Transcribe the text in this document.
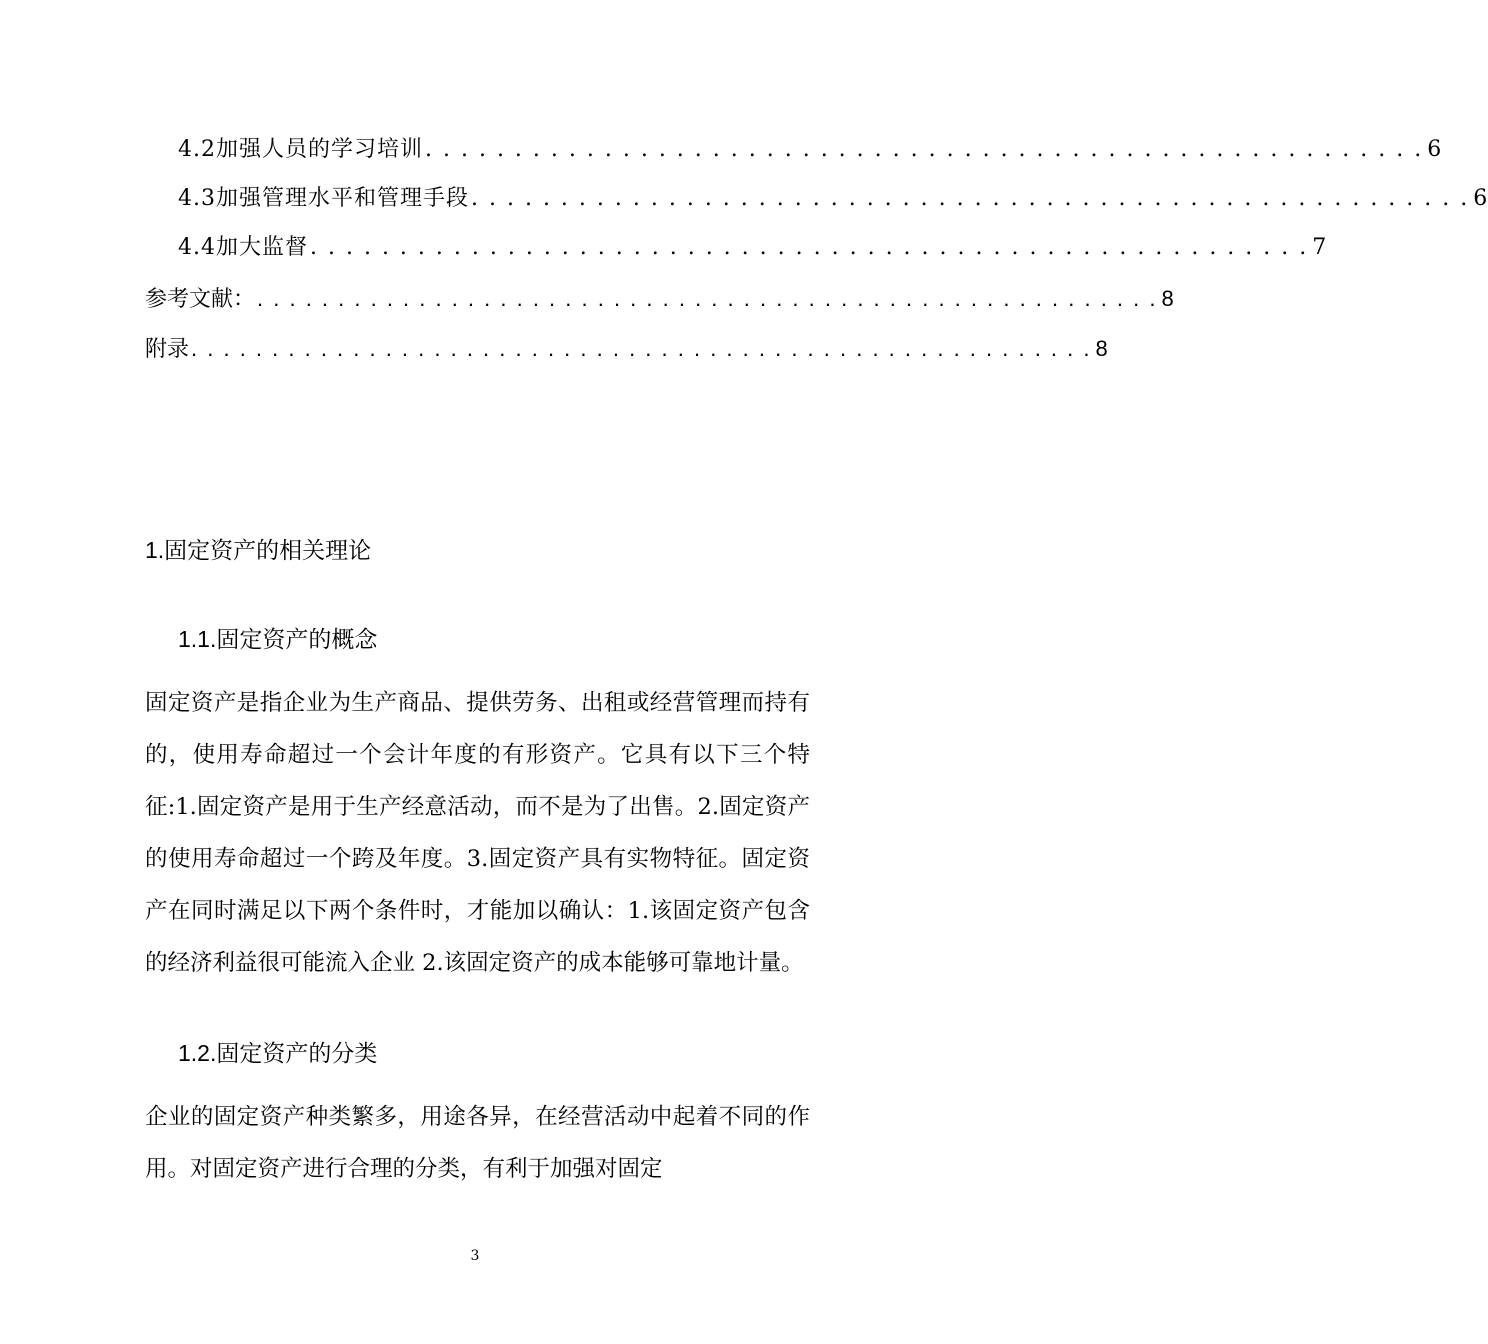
4.2加强人员的学习培训 . . . . . . . . . . . . . . . . . . . . . . . . . . . . . . . . . . . . . . . . . . . . . . . . . . . . . . . . 6
4.3加强管理水平和管理手段 . . . . . . . . . . . . . . . . . . . . . . . . . . . . . . . . . . . . . . . . . . . . . . . . . . . . . . . . 6
4.4加大监督 . . . . . . . . . . . . . . . . . . . . . . . . . . . . . . . . . . . . . . . . . . . . . . . . . . . . . . . . 7
参考文献： . . . . . . . . . . . . . . . . . . . . . . . . . . . . . . . . . . . . . . . . . . . . . . . . . . . . . . . . 8
附录 . . . . . . . . . . . . . . . . . . . . . . . . . . . . . . . . . . . . . . . . . . . . . . . . . . . . . . . . 8
1.固定资产的相关理论
1.1.固定资产的概念
固定资产是指企业为生产商品、提供劳务、出租或经营管理而持有的，使用寿命超过一个会计年度的有形资产。它具有以下三个特征:1.固定资产是用于生产经意活动，而不是为了出售。2.固定资产的使用寿命超过一个跨及年度。3.固定资产具有实物特征。固定资产在同时满足以下两个条件时，才能加以确认：1.该固定资产包含的经济利益很可能流入企业 2.该固定资产的成本能够可靠地计量。
1.2.固定资产的分类
企业的固定资产种类繁多，用途各异，在经营活动中起着不同的作用。对固定资产进行合理的分类，有利于加强对固定
3
